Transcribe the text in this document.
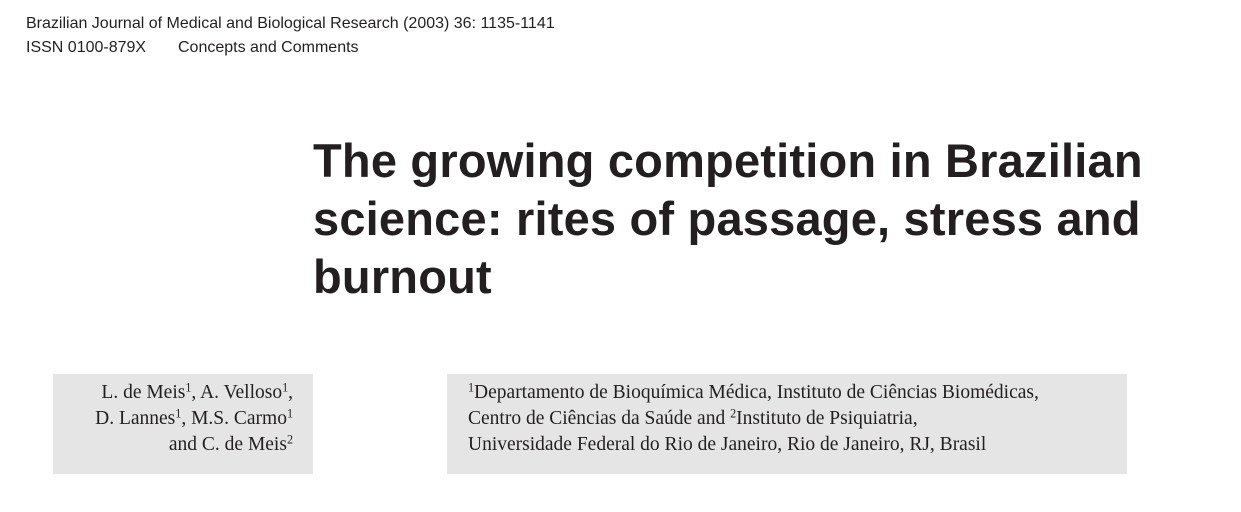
Brazilian Journal of Medical and Biological Research (2003) 36: 1135-1141
ISSN 0100-879X Concepts and Comments
The growing competition in Brazilian
science: rites of passage, stress and
burnout
L. de Meis$^1$, A. Velloso$^1$,
D. Lannes$^1$, M.S. Carmo$^1$
and C. de Meis$^2$
$^1$Departamento de Bioquímica Médica, Instituto de Ciências Biomédicas,
Centro de Ciências da Saúde and $^2$Instituto de Psiquiatria,
Universidade Federal do Rio de Janeiro, Rio de Janeiro, RJ, Brasil
